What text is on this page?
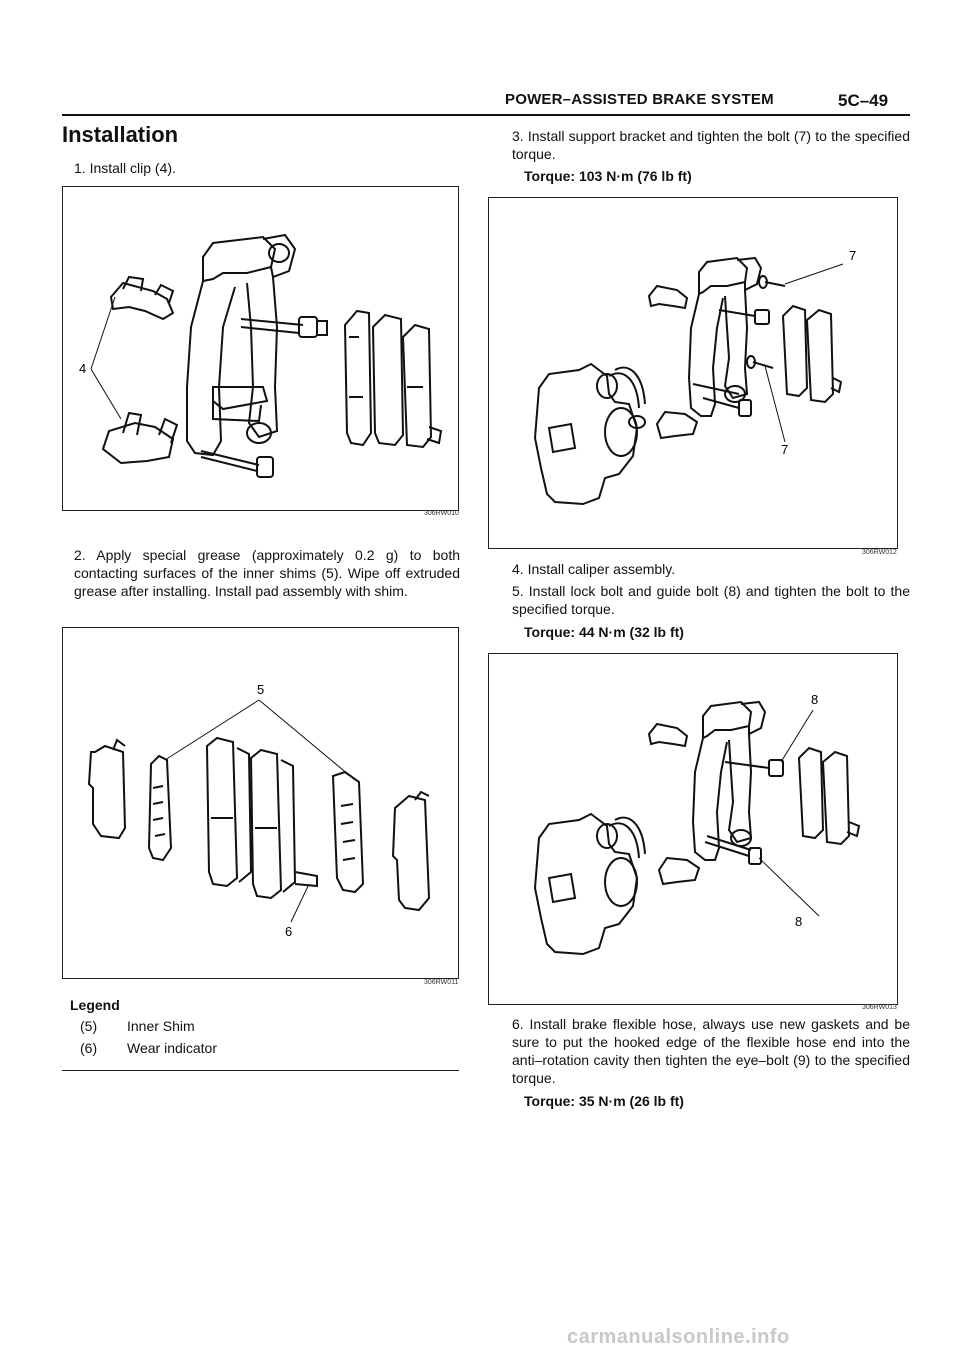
POWER–ASSISTED BRAKE SYSTEM	5C–49
Installation
1. Install clip (4).
4
306RW010
2. Apply special grease (approximately 0.2 g) to both contacting surfaces of the inner shims (5). Wipe off extruded grease after installing. Install pad assembly with shim.
5
6
306RW011
Legend
(5) Inner Shim
(6) Wear indicator
3. Install support bracket and tighten the bolt (7) to the specified torque.
Torque: 103 N·m (76 lb ft)
7
7
306RW012
4. Install caliper assembly.
5. Install lock bolt and guide bolt (8) and tighten the bolt to the specified torque.
Torque: 44 N·m (32 lb ft)
8
8
306RW013
6. Install brake flexible hose, always use new gaskets and be sure to put the hooked edge of the flexible hose end into the anti–rotation cavity then tighten the eye–bolt (9) to the specified torque.
Torque: 35 N·m (26 lb ft)
carmanualsonline.info
